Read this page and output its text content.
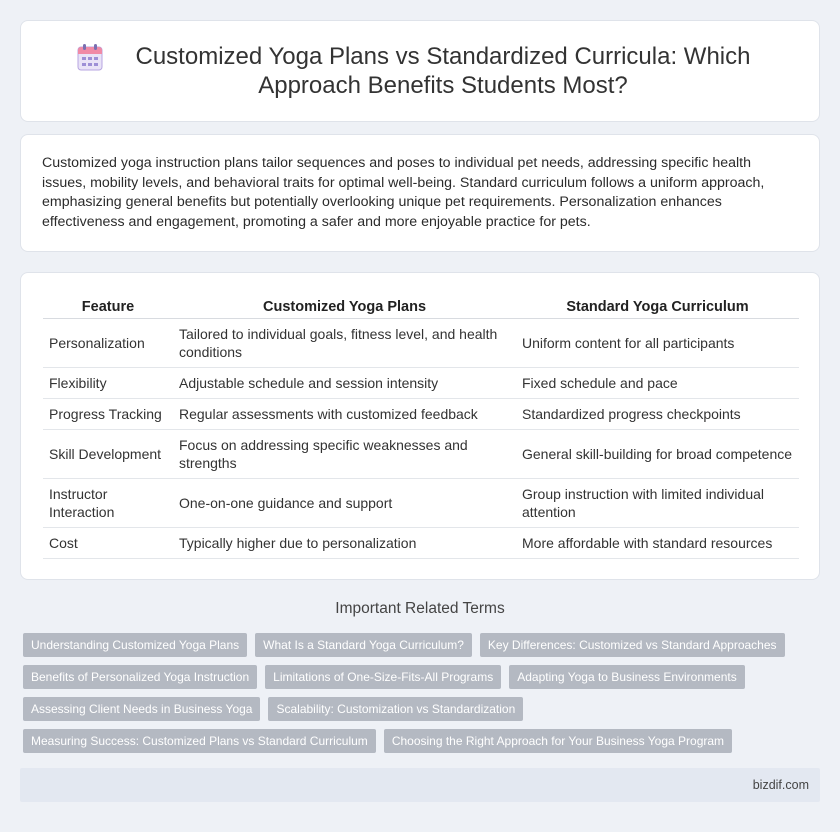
Customized Yoga Plans vs Standardized Curricula: Which Approach Benefits Students Most?

Customized yoga instruction plans tailor sequences and poses to individual pet needs, addressing specific health issues, mobility levels, and behavioral traits for optimal well-being. Standard curriculum follows a uniform approach, emphasizing general benefits but potentially overlooking unique pet requirements. Personalization enhances effectiveness and engagement, promoting a safer and more enjoyable practice for pets.

Feature	Customized Yoga Plans	Standard Yoga Curriculum
Personalization	Tailored to individual goals, fitness level, and health conditions	Uniform content for all participants
Flexibility	Adjustable schedule and session intensity	Fixed schedule and pace
Progress Tracking	Regular assessments with customized feedback	Standardized progress checkpoints
Skill Development	Focus on addressing specific weaknesses and strengths	General skill-building for broad competence
Instructor Interaction	One-on-one guidance and support	Group instruction with limited individual attention
Cost	Typically higher due to personalization	More affordable with standard resources
Important Related Terms
Understanding Customized Yoga Plans	What Is a Standard Yoga Curriculum?	Key Differences: Customized vs Standard Approaches
Benefits of Personalized Yoga Instruction	Limitations of One-Size-Fits-All Programs	Adapting Yoga to Business Environments
Assessing Client Needs in Business Yoga	Scalability: Customization vs Standardization
Measuring Success: Customized Plans vs Standard Curriculum	Choosing the Right Approach for Your Business Yoga Program
bizdif.com
